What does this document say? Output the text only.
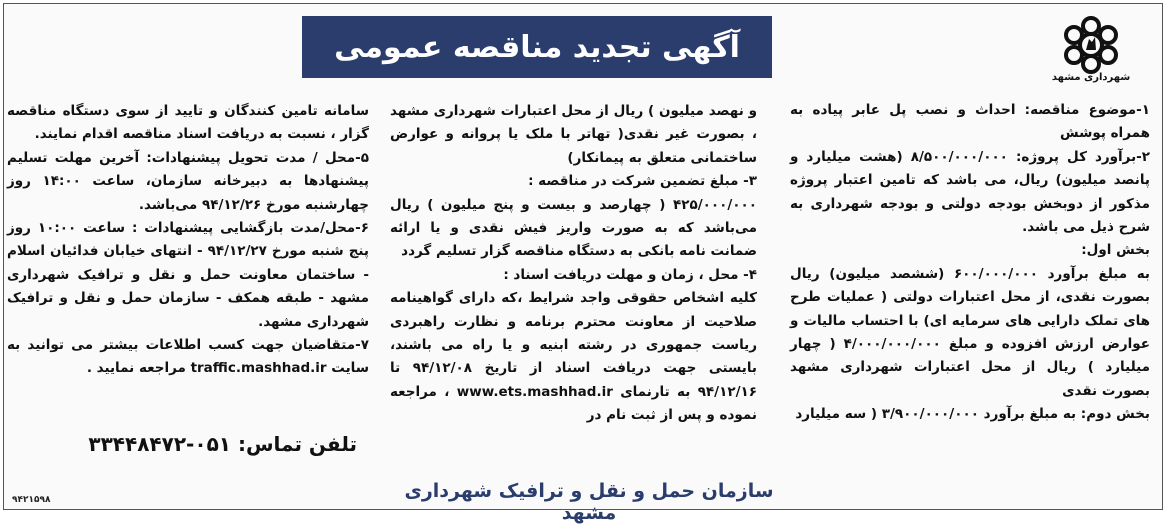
آگهی تجدید مناقصه عمومی
شهرداری مشهد

۱-موضوع مناقصه: احداث و نصب پل عابر پیاده به همراه پوشش

۲-برآورد کل پروژه: ۸/۵۰۰/۰۰۰/۰۰۰ (هشت میلیارد و پانصد میلیون) ریال، می باشد که تامین اعتبار پروژه مذکور از دوبخش بودجه دولتی و بودجه شهرداری به شرح ذیل می باشد.

بخش اول:

به مبلغ برآورد ۶۰۰/۰۰۰/۰۰۰ (ششصد میلیون) ریال بصورت نقدی، از محل اعتبارات دولتی ( عملیات طرح های تملک دارایی های سرمایه ای) با احتساب مالیات و عوارض ارزش افزوده و مبلغ ۴/۰۰۰/۰۰۰/۰۰۰ ( چهار میلیارد ) ریال از محل اعتبارات شهرداری مشهد بصورت نقدی

بخش دوم: به مبلغ برآورد ۳/۹۰۰/۰۰۰/۰۰۰ ( سه میلیارد

و نهصد میلیون ) ریال از محل اعتبارات شهرداری مشهد ، بصورت غیر نقدی( تهاتر با ملک یا پروانه و عوارض ساختمانی متعلق به پیمانکار)

۳- مبلغ تضمین شرکت در مناقصه :

۴۲۵/۰۰۰/۰۰۰ ( چهارصد و بیست و پنج میلیون ) ریال می‌باشد که به صورت واریز فیش نقدی و یا ارائه ضمانت نامه بانکی به دستگاه مناقصه گزار تسلیم گردد

۴- محل ، زمان و مهلت دریافت اسناد :

کلیه اشخاص حقوقی واجد شرایط ،که دارای گواهینامه صلاحیت از معاونت محترم برنامه و نظارت راهبردی ریاست جمهوری در رشته ابنیه و یا راه می باشند، بایستی جهت دریافت اسناد از تاریخ ۹۴/۱۲/۰۸ تا ۹۴/۱۲/۱۶ به تارنمای www.ets.mashhad.ir ، مراجعه نموده و پس از ثبت نام در

سامانه تامین کنندگان و تایید از سوی دستگاه مناقصه گزار ، نسبت به دریافت اسناد مناقصه اقدام نمایند.

۵-محل / مدت تحویل پیشنهادات: آخرین مهلت تسلیم پیشنهادها به دبیرخانه سازمان، ساعت ۱۴:۰۰ روز چهارشنبه مورخ ۹۴/۱۲/۲۶ می‌باشد.

۶-محل/مدت بازگشایی پیشنهادات : ساعت ۱۰:۰۰ روز پنج شنبه مورخ ۹۴/۱۲/۲۷ - انتهای خیابان فدائیان اسلام - ساختمان معاونت حمل و نقل و ترافیک شهرداری مشهد - طبقه همکف - سازمان حمل و نقل و ترافیک شهرداری مشهد.

۷-متقاضیان جهت کسب اطلاعات بیشتر می توانید به سایت traffic.mashhad.ir مراجعه نمایید .

تلفن تماس: ۰۵۱-۳۳۴۴۸۴۷۲
سازمان حمل و نقل و ترافیک شهرداری مشهد
۹۴۲۱۵۹۸
